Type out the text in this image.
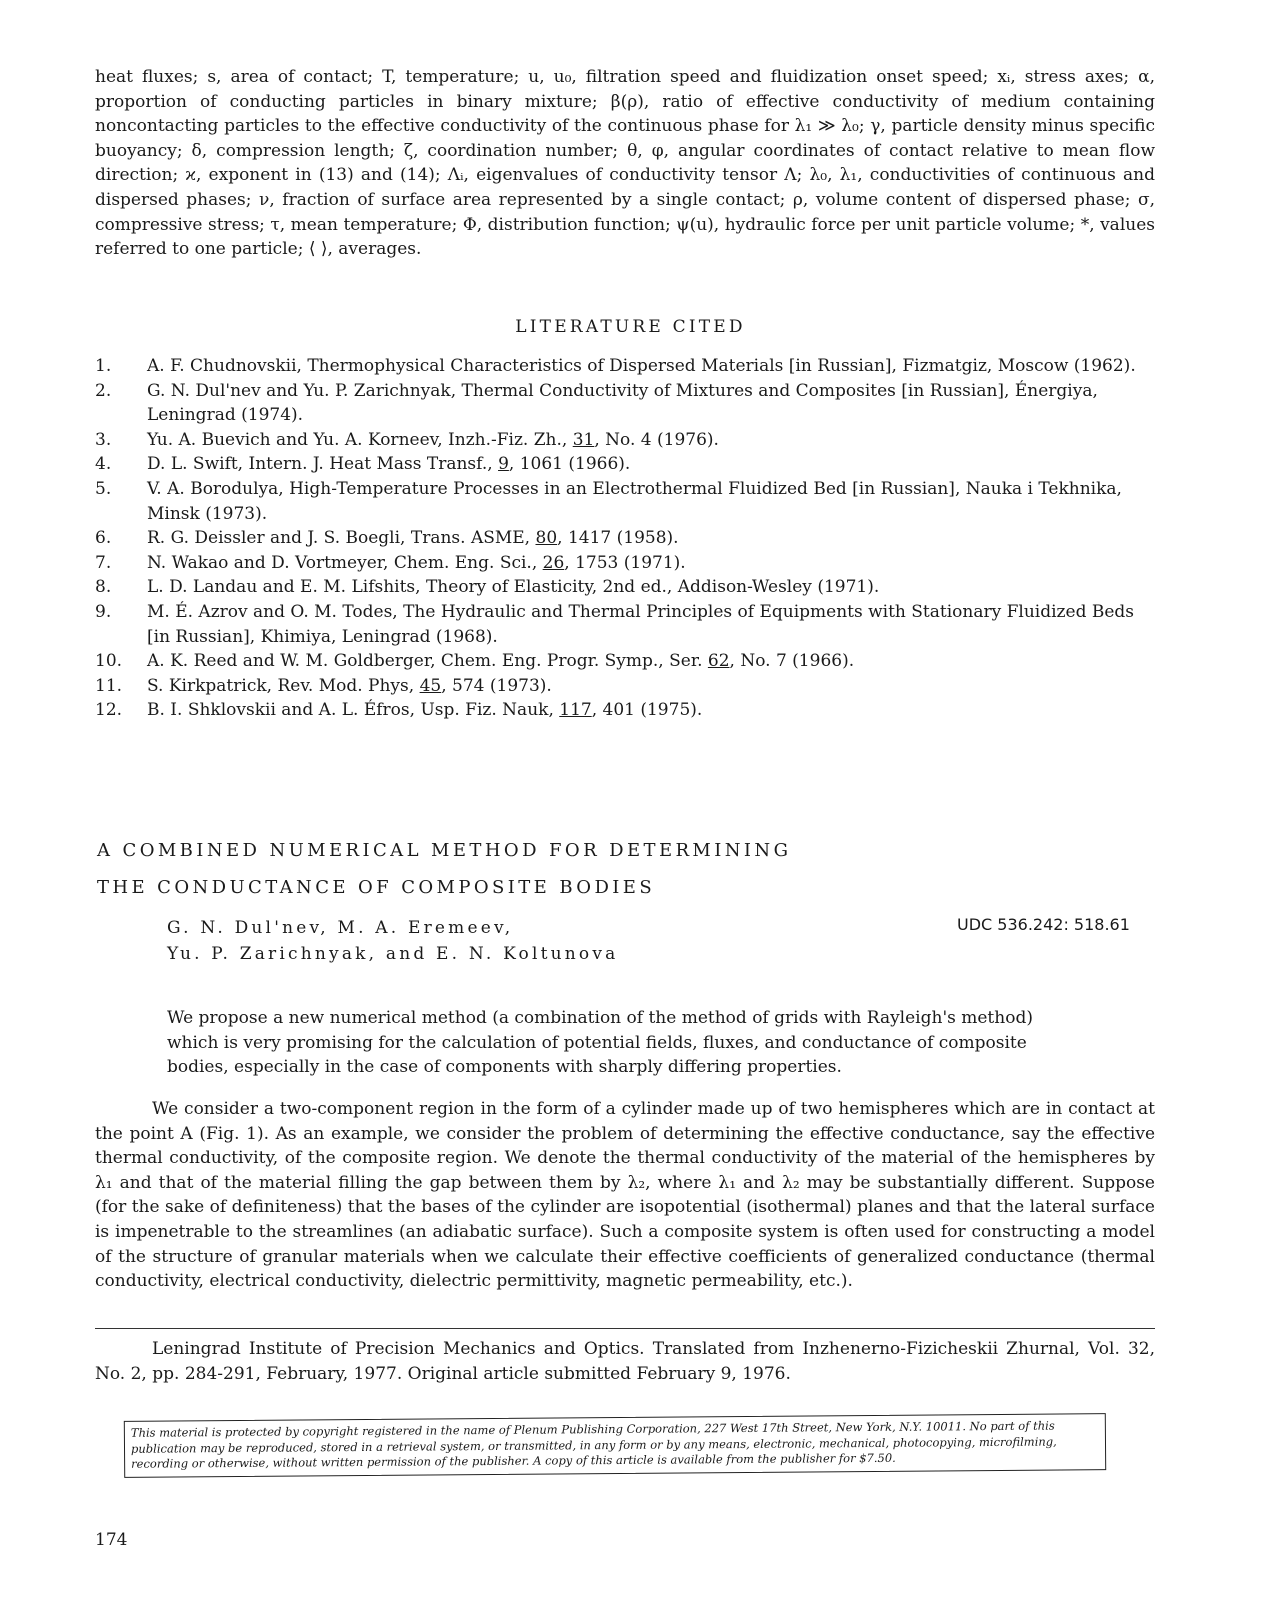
heat fluxes; s, area of contact; T, temperature; u, u₀, filtration speed and fluidization onset speed; xᵢ, stress axes; α, proportion of conducting particles in binary mixture; β(ρ), ratio of effective conductivity of medium containing noncontacting particles to the effective conductivity of the continuous phase for λ₁ ≫ λ₀; γ, particle density minus specific buoyancy; δ, compression length; ζ, coordination number; θ, φ, angular coordinates of contact relative to mean flow direction; ϰ, exponent in (13) and (14); Λᵢ, eigenvalues of conductivity tensor Λ; λ₀, λ₁, conductivities of continuous and dispersed phases; ν, fraction of surface area represented by a single contact; ρ, volume content of dispersed phase; σ, compressive stress; τ, mean temperature; Φ, distribution function; ψ(u), hydraulic force per unit particle volume; *, values referred to one particle; ⟨ ⟩, averages.
LITERATURE CITED
1.	A. F. Chudnovskii, Thermophysical Characteristics of Dispersed Materials [in Russian], Fizmatgiz, Moscow (1962).
2.	G. N. Dul'nev and Yu. P. Zarichnyak, Thermal Conductivity of Mixtures and Composites [in Russian], Énergiya, Leningrad (1974).
3.	Yu. A. Buevich and Yu. A. Korneev, Inzh.-Fiz. Zh., 31, No. 4 (1976).
4.	D. L. Swift, Intern. J. Heat Mass Transf., 9, 1061 (1966).
5.	V. A. Borodulya, High-Temperature Processes in an Electrothermal Fluidized Bed [in Russian], Nauka i Tekhnika, Minsk (1973).
6.	R. G. Deissler and J. S. Boegli, Trans. ASME, 80, 1417 (1958).
7.	N. Wakao and D. Vortmeyer, Chem. Eng. Sci., 26, 1753 (1971).
8.	L. D. Landau and E. M. Lifshits, Theory of Elasticity, 2nd ed., Addison-Wesley (1971).
9.	M. É. Azrov and O. M. Todes, The Hydraulic and Thermal Principles of Equipments with Stationary Fluidized Beds [in Russian], Khimiya, Leningrad (1968).
10.	A. K. Reed and W. M. Goldberger, Chem. Eng. Progr. Symp., Ser. 62, No. 7 (1966).
11.	S. Kirkpatrick, Rev. Mod. Phys, 45, 574 (1973).
12.	B. I. Shklovskii and A. L. Éfros, Usp. Fiz. Nauk, 117, 401 (1975).
A COMBINED NUMERICAL METHOD FOR DETERMINING
THE CONDUCTANCE OF COMPOSITE BODIES
G. N. Dul'nev, M. A. Eremeev,
Yu. P. Zarichnyak, and E. N. Koltunova
UDC 536.242: 518.61
We propose a new numerical method (a combination of the method of grids with Rayleigh's method) which is very promising for the calculation of potential fields, fluxes, and conductance of composite bodies, especially in the case of components with sharply differing properties.

We consider a two-component region in the form of a cylinder made up of two hemispheres which are in contact at the point A (Fig. 1). As an example, we consider the problem of determining the effective conductance, say the effective thermal conductivity, of the composite region. We denote the thermal conductivity of the material of the hemispheres by λ₁ and that of the material filling the gap between them by λ₂, where λ₁ and λ₂ may be substantially different. Suppose (for the sake of definiteness) that the bases of the cylinder are isopotential (isothermal) planes and that the lateral surface is impenetrable to the streamlines (an adiabatic surface). Such a composite system is often used for constructing a model of the structure of granular materials when we calculate their effective coefficients of generalized conductance (thermal conductivity, electrical conductivity, dielectric permittivity, magnetic permeability, etc.).

Leningrad Institute of Precision Mechanics and Optics. Translated from Inzhenerno-Fizicheskii Zhurnal, Vol. 32, No. 2, pp. 284-291, February, 1977. Original article submitted February 9, 1976.

This material is protected by copyright registered in the name of Plenum Publishing Corporation, 227 West 17th Street, New York, N.Y. 10011. No part of this publication may be reproduced, stored in a retrieval system, or transmitted, in any form or by any means, electronic, mechanical, photocopying, microfilming, recording or otherwise, without written permission of the publisher. A copy of this article is available from the publisher for $7.50.
174
